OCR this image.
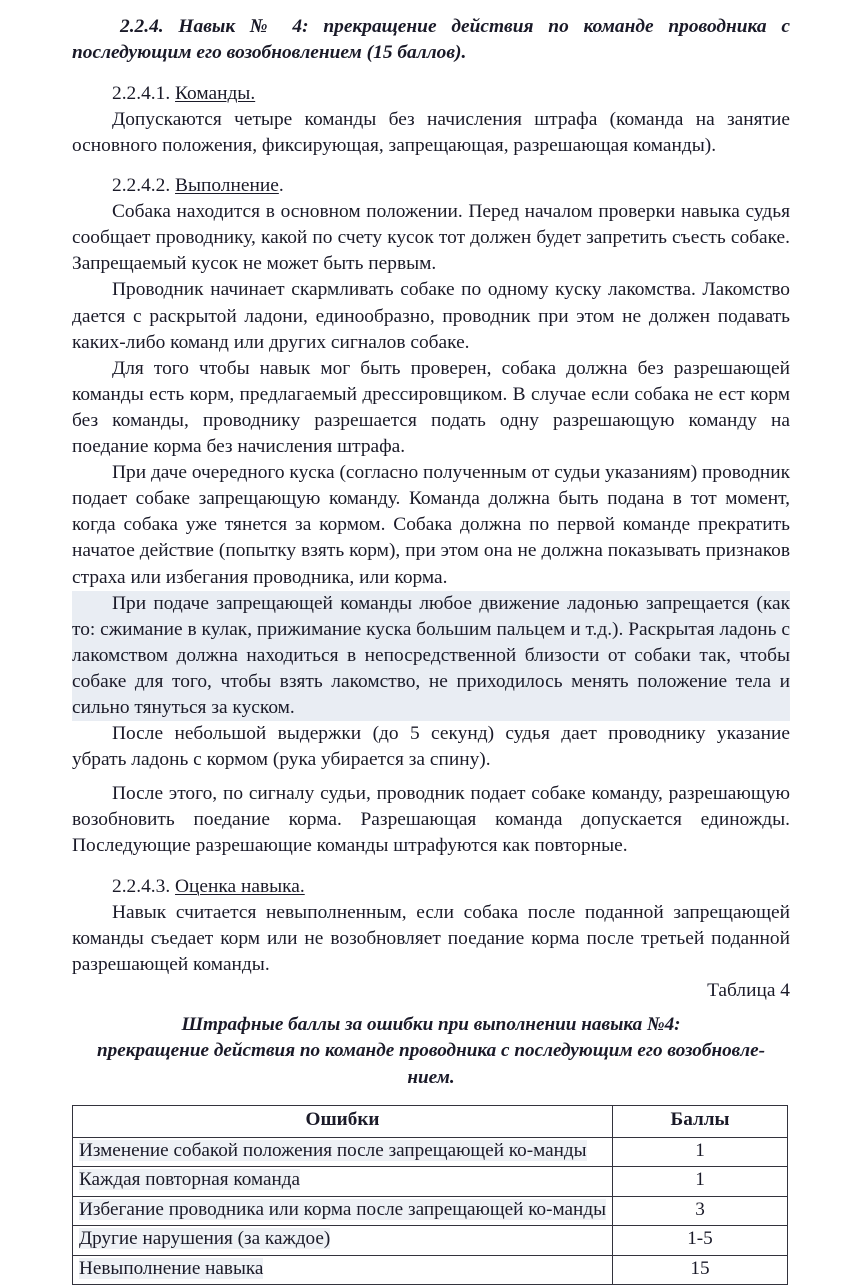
2.2.4. Навык № 4: прекращение действия по команде проводника с последующим его возобновлением (15 баллов).

2.2.4.1. Команды.

Допускаются четыре команды без начисления штрафа (команда на занятие основного положения, фиксирующая, запрещающая, разрешающая команды).

2.2.4.2. Выполнение.

Собака находится в основном положении. Перед началом проверки навыка судья сообщает проводнику, какой по счету кусок тот должен будет запретить съесть собаке. Запрещаемый кусок не может быть первым.

Проводник начинает скармливать собаке по одному куску лакомства. Лакомство дается с раскрытой ладони, единообразно, проводник при этом не должен подавать каких-либо команд или других сигналов собаке.

Для того чтобы навык мог быть проверен, собака должна без разрешающей команды есть корм, предлагаемый дрессировщиком. В случае если собака не ест корм без команды, проводнику разрешается подать одну разрешающую команду на поедание корма без начисления штрафа.

При даче очередного куска (согласно полученным от судьи указаниям) проводник подает собаке запрещающую команду. Команда должна быть подана в тот момент, когда собака уже тянется за кормом. Собака должна по первой команде прекратить начатое действие (попытку взять корм), при этом она не должна показывать признаков страха или избегания проводника, или корма.

При подаче запрещающей команды любое движение ладонью запрещается (как то: сжимание в кулак, прижимание куска большим пальцем и т.д.). Раскрытая ладонь с лакомством должна находиться в непосредственной близости от собаки так, чтобы собаке для того, чтобы взять лакомство, не приходилось менять положение тела и сильно тянуться за куском.

После небольшой выдержки (до 5 секунд) судья дает проводнику указание убрать ладонь с кормом (рука убирается за спину).

После этого, по сигналу судьи, проводник подает собаке команду, разрешающую возобновить поедание корма. Разрешающая команда допускается единожды. Последующие разрешающие команды штрафуются как повторные.

2.2.4.3. Оценка навыка.

Навык считается невыполненным, если собака после поданной запрещающей команды съедает корм или не возобновляет поедание корма после третьей поданной разрешающей команды.

Таблица 4

Штрафные баллы за ошибки при выполнении навыка №4:

прекращение действия по команде проводника с последующим его возобновле-

нием.

Ошибки	Баллы
Изменение собакой положения после запрещающей ко-манды	1
Каждая повторная команда	1
Избегание проводника или корма после запрещающей ко-манды	3
Другие нарушения (за каждое)	1-5
Невыполнение навыка	15
